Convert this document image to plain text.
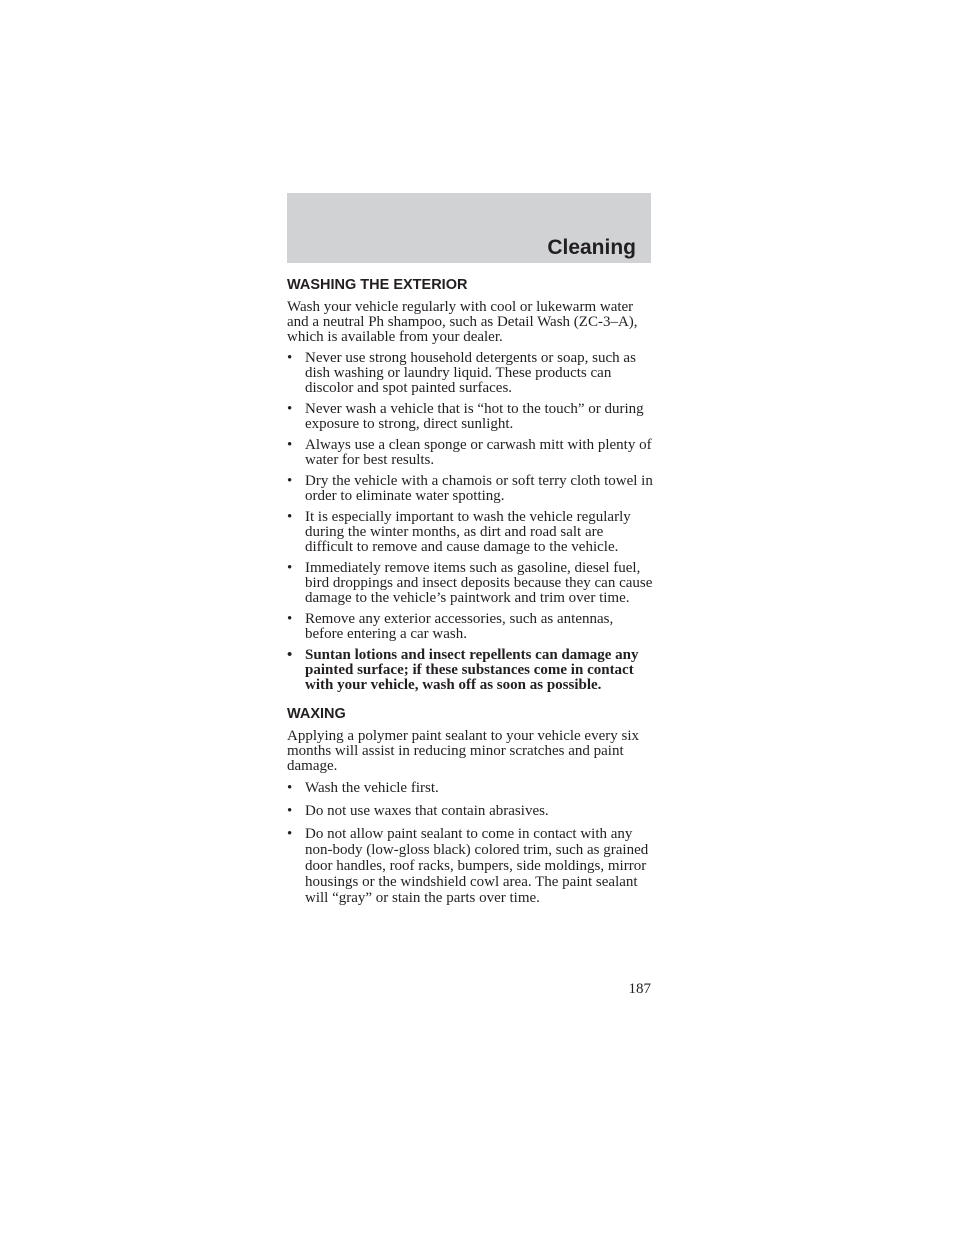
Cleaning
WASHING THE EXTERIOR

Wash your vehicle regularly with cool or lukewarm water and a neutral Ph shampoo, such as Detail Wash (ZC-3–A), which is available from your dealer.

• Never use strong household detergents or soap, such as dish washing or laundry liquid. These products can discolor and spot painted surfaces.
• Never wash a vehicle that is “hot to the touch” or during exposure to strong, direct sunlight.
• Always use a clean sponge or carwash mitt with plenty of water for best results.
• Dry the vehicle with a chamois or soft terry cloth towel in order to eliminate water spotting.
• It is especially important to wash the vehicle regularly during the winter months, as dirt and road salt are difficult to remove and cause damage to the vehicle.
• Immediately remove items such as gasoline, diesel fuel, bird droppings and insect deposits because they can cause damage to the vehicle’s paintwork and trim over time.
• Remove any exterior accessories, such as antennas, before entering a car wash.
• Suntan lotions and insect repellents can damage any painted surface; if these substances come in contact with your vehicle, wash off as soon as possible.
WAXING

Applying a polymer paint sealant to your vehicle every six months will assist in reducing minor scratches and paint damage.

• Wash the vehicle first.
• Do not use waxes that contain abrasives.
• Do not allow paint sealant to come in contact with any non-body (low-gloss black) colored trim, such as grained door handles, roof racks, bumpers, side moldings, mirror housings or the windshield cowl area. The paint sealant will “gray” or stain the parts over time.
187
